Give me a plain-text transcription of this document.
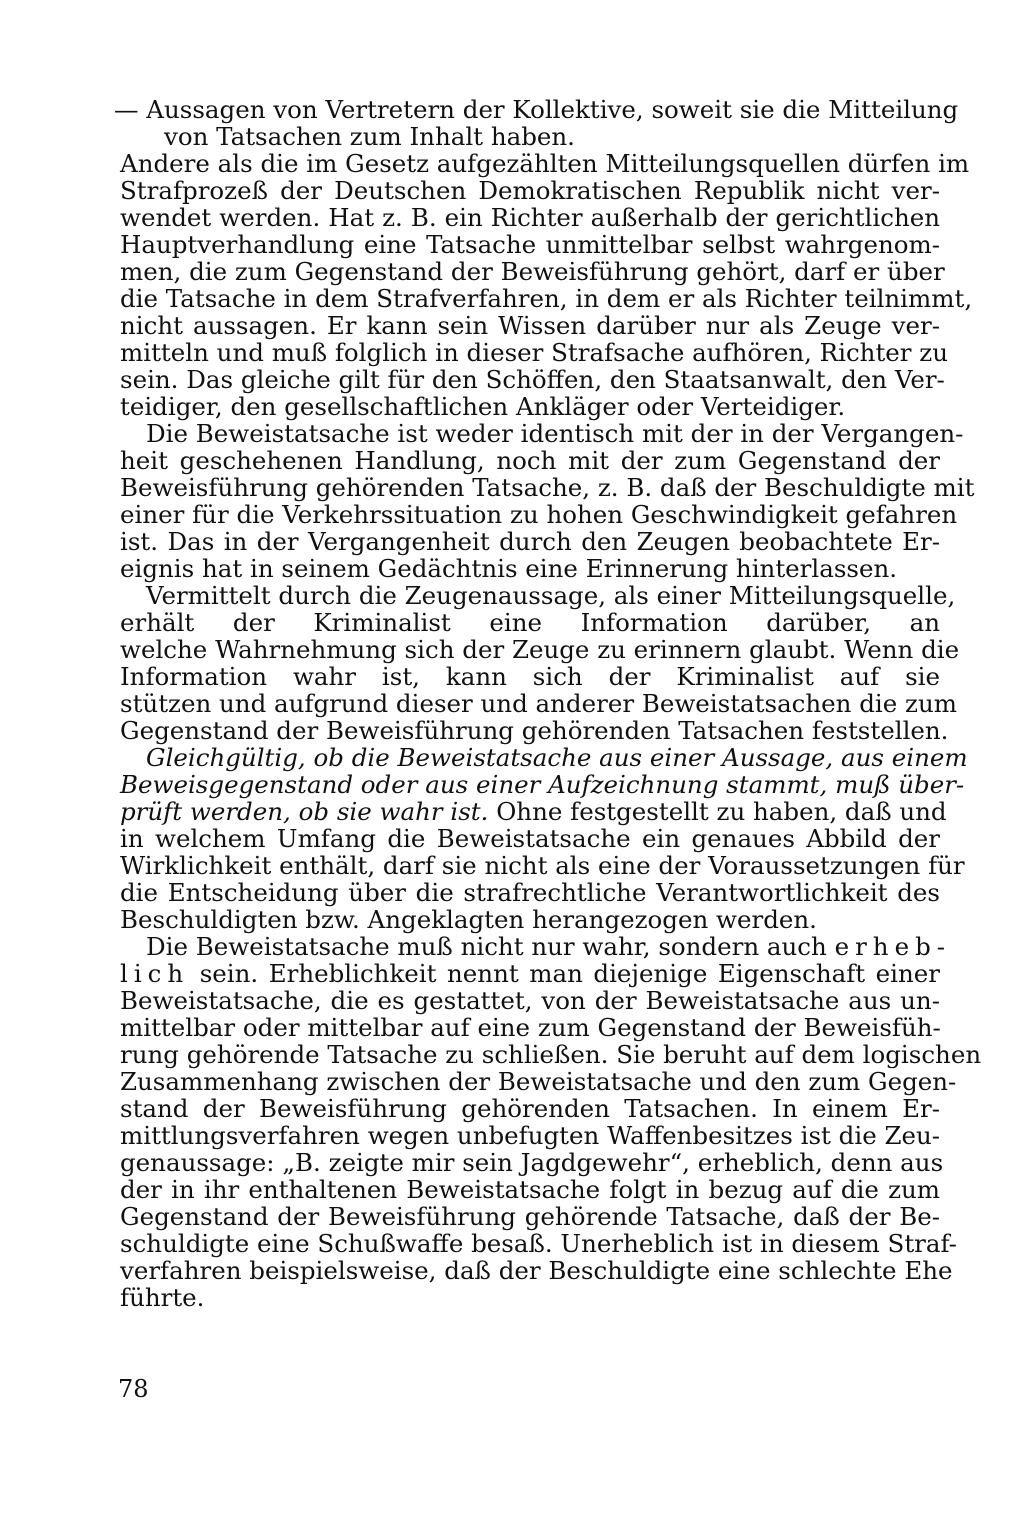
— Aussagen von Vertretern der Kollektive, soweit sie die Mitteilung
von Tatsachen zum Inhalt haben.
Andere als die im Gesetz aufgezählten Mitteilungsquellen dürfen im
Strafprozeß der Deutschen Demokratischen Republik nicht ver-
wendet werden. Hat z. B. ein Richter außerhalb der gerichtlichen
Hauptverhandlung eine Tatsache unmittelbar selbst wahrgenom-
men, die zum Gegenstand der Beweisführung gehört, darf er über
die Tatsache in dem Strafverfahren, in dem er als Richter teilnimmt,
nicht aussagen. Er kann sein Wissen darüber nur als Zeuge ver-
mitteln und muß folglich in dieser Strafsache aufhören, Richter zu
sein. Das gleiche gilt für den Schöffen, den Staatsanwalt, den Ver-
teidiger, den gesellschaftlichen Ankläger oder Verteidiger.
Die Beweistatsache ist weder identisch mit der in der Vergangen-
heit geschehenen Handlung, noch mit der zum Gegenstand der
Beweisführung gehörenden Tatsache, z. B. daß der Beschuldigte mit
einer für die Verkehrssituation zu hohen Geschwindigkeit gefahren
ist. Das in der Vergangenheit durch den Zeugen beobachtete Er-
eignis hat in seinem Gedächtnis eine Erinnerung hinterlassen.
Vermittelt durch die Zeugenaussage, als einer Mitteilungsquelle,
erhält der Kriminalist eine Information darüber, an
welche Wahrnehmung sich der Zeuge zu erinnern glaubt. Wenn die
Information wahr ist, kann sich der Kriminalist auf sie
stützen und aufgrund dieser und anderer Beweistatsachen die zum
Gegenstand der Beweisführung gehörenden Tatsachen feststellen.
Gleichgültig, ob die Beweistatsache aus einer Aussage, aus einem
Beweisgegenstand oder aus einer Aufzeichnung stammt, muß über-
prüft werden, ob sie wahr ist. Ohne festgestellt zu haben, daß und
in welchem Umfang die Beweistatsache ein genaues Abbild der
Wirklichkeit enthält, darf sie nicht als eine der Voraussetzungen für
die Entscheidung über die strafrechtliche Verantwortlichkeit des
Beschuldigten bzw. Angeklagten herangezogen werden.
Die Beweistatsache muß nicht nur wahr, sondern auch erheb-
lich sein. Erheblichkeit nennt man diejenige Eigenschaft einer
Beweistatsache, die es gestattet, von der Beweistatsache aus un-
mittelbar oder mittelbar auf eine zum Gegenstand der Beweisfüh-
rung gehörende Tatsache zu schließen. Sie beruht auf dem logischen
Zusammenhang zwischen der Beweistatsache und den zum Gegen-
stand der Beweisführung gehörenden Tatsachen. In einem Er-
mittlungsverfahren wegen unbefugten Waffenbesitzes ist die Zeu-
genaussage: „B. zeigte mir sein Jagdgewehr“, erheblich, denn aus
der in ihr enthaltenen Beweistatsache folgt in bezug auf die zum
Gegenstand der Beweisführung gehörende Tatsache, daß der Be-
schuldigte eine Schußwaffe besaß. Unerheblich ist in diesem Straf-
verfahren beispielsweise, daß der Beschuldigte eine schlechte Ehe
führte.
78
